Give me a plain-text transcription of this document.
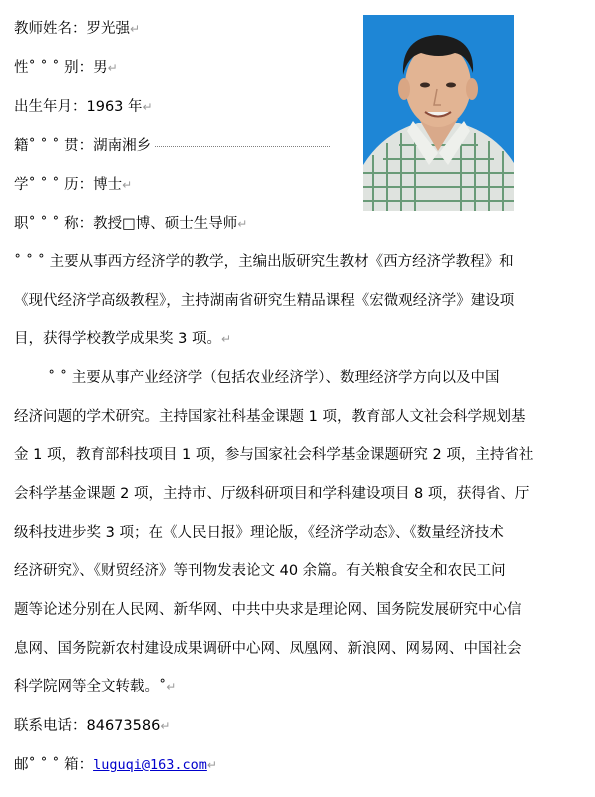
教师姓名：罗光强↵
性˚ ˚ ˚ 别：男↵
出生年月：1963 年↵
籍˚ ˚ ˚ 贯：湖南湘乡
学˚ ˚ ˚ 历：博士↵
职˚ ˚ ˚ 称：教授□博、硕士生导师↵
˚ ˚ ˚ 主要从事西方经济学的教学，主编出版研究生教材《西方经济学教程》和
《现代经济学高级教程》，主持湖南省研究生精品课程《宏微观经济学》建设项
目，获得学校教学成果奖 3 项。↵
˚ ˚ 主要从事产业经济学（包括农业经济学）、数理经济学方向以及中国
经济问题的学术研究。主持国家社科基金课题 1 项，教育部人文社会科学规划基
金 1 项，教育部科技项目 1 项，参与国家社会科学基金课题研究 2 项，主持省社
会科学基金课题 2 项，主持市、厅级科研项目和学科建设项目 8 项，获得省、厅
级科技进步奖 3 项；在《人民日报》理论版，《经济学动态》、《数量经济技术
经济研究》、《财贸经济》等刊物发表论文 40 余篇。有关粮食安全和农民工问
题等论述分别在人民网、新华网、中共中央求是理论网、国务院发展研究中心信
息网、国务院新农村建设成果调研中心网、凤凰网、新浪网、网易网、中国社会
科学院网等全文转载。˚↵
联系电话：84673586↵
邮˚ ˚ ˚ 箱：luguqi@163.com↵
